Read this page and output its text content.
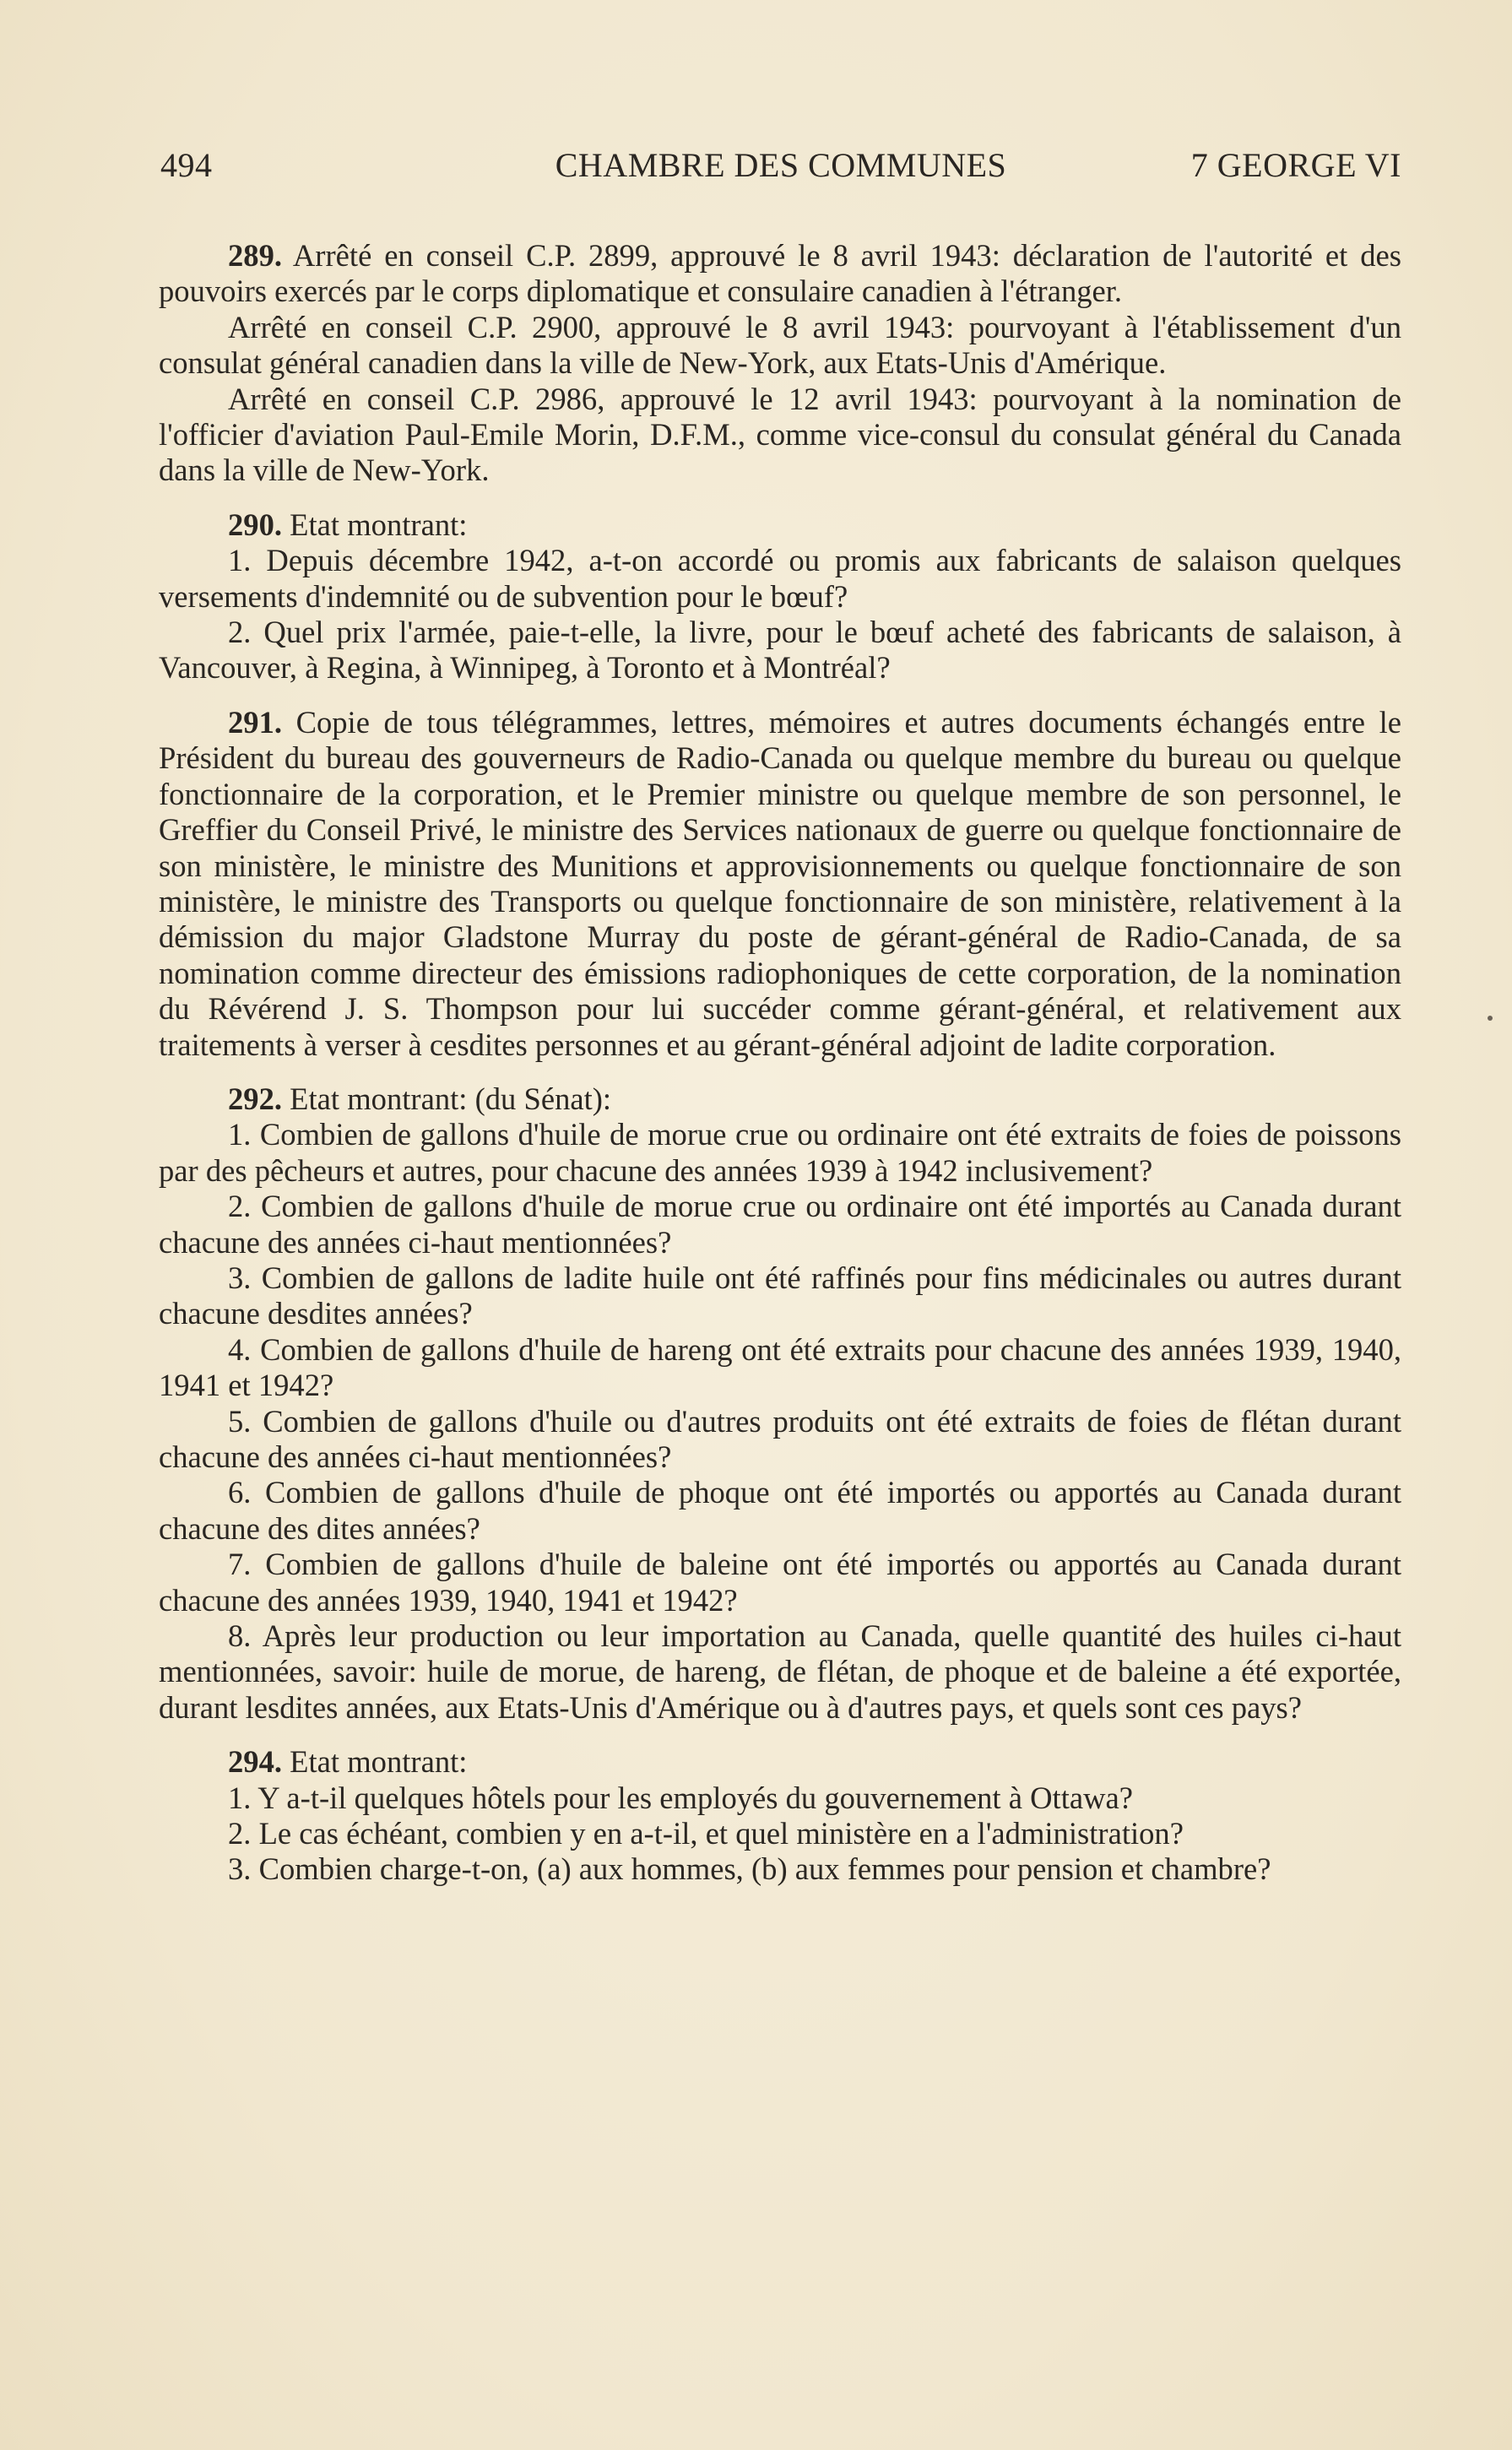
494	CHAMBRE DES COMMUNES	7 GEORGE VI

289. Arrêté en conseil C.P. 2899, approuvé le 8 avril 1943: déclaration de l'autorité et des pouvoirs exercés par le corps diplomatique et consulaire canadien à l'étranger.

Arrêté en conseil C.P. 2900, approuvé le 8 avril 1943: pourvoyant à l'établissement d'un consulat général canadien dans la ville de New-York, aux Etats-Unis d'Amérique.

Arrêté en conseil C.P. 2986, approuvé le 12 avril 1943: pourvoyant à la nomination de l'officier d'aviation Paul-Emile Morin, D.F.M., comme vice-consul du consulat général du Canada dans la ville de New-York.

290. Etat montrant:

1. Depuis décembre 1942, a-t-on accordé ou promis aux fabricants de salaison quelques versements d'indemnité ou de subvention pour le bœuf?

2. Quel prix l'armée, paie-t-elle, la livre, pour le bœuf acheté des fabricants de salaison, à Vancouver, à Regina, à Winnipeg, à Toronto et à Montréal?

291. Copie de tous télégrammes, lettres, mémoires et autres documents échangés entre le Président du bureau des gouverneurs de Radio-Canada ou quelque membre du bureau ou quelque fonctionnaire de la corporation, et le Premier ministre ou quelque membre de son personnel, le Greffier du Conseil Privé, le ministre des Services nationaux de guerre ou quelque fonctionnaire de son ministère, le ministre des Munitions et approvisionnements ou quelque fonctionnaire de son ministère, le ministre des Transports ou quelque fonctionnaire de son ministère, relativement à la démission du major Gladstone Murray du poste de gérant-général de Radio-Canada, de sa nomination comme directeur des émissions radiophoniques de cette corporation, de la nomination du Révérend J. S. Thompson pour lui succéder comme gérant-général, et relativement aux traitements à verser à cesdites personnes et au gérant-général adjoint de ladite corporation.

292. Etat montrant: (du Sénat):

1. Combien de gallons d'huile de morue crue ou ordinaire ont été extraits de foies de poissons par des pêcheurs et autres, pour chacune des années 1939 à 1942 inclusivement?

2. Combien de gallons d'huile de morue crue ou ordinaire ont été importés au Canada durant chacune des années ci-haut mentionnées?

3. Combien de gallons de ladite huile ont été raffinés pour fins médicinales ou autres durant chacune desdites années?

4. Combien de gallons d'huile de hareng ont été extraits pour chacune des années 1939, 1940, 1941 et 1942?

5. Combien de gallons d'huile ou d'autres produits ont été extraits de foies de flétan durant chacune des années ci-haut mentionnées?

6. Combien de gallons d'huile de phoque ont été importés ou apportés au Canada durant chacune des dites années?

7. Combien de gallons d'huile de baleine ont été importés ou apportés au Canada durant chacune des années 1939, 1940, 1941 et 1942?

8. Après leur production ou leur importation au Canada, quelle quantité des huiles ci-haut mentionnées, savoir: huile de morue, de hareng, de flétan, de phoque et de baleine a été exportée, durant lesdites années, aux Etats-Unis d'Amérique ou à d'autres pays, et quels sont ces pays?

294. Etat montrant:

1. Y a-t-il quelques hôtels pour les employés du gouvernement à Ottawa?

2. Le cas échéant, combien y en a-t-il, et quel ministère en a l'administration?

3. Combien charge-t-on, (a) aux hommes, (b) aux femmes pour pension et chambre?
